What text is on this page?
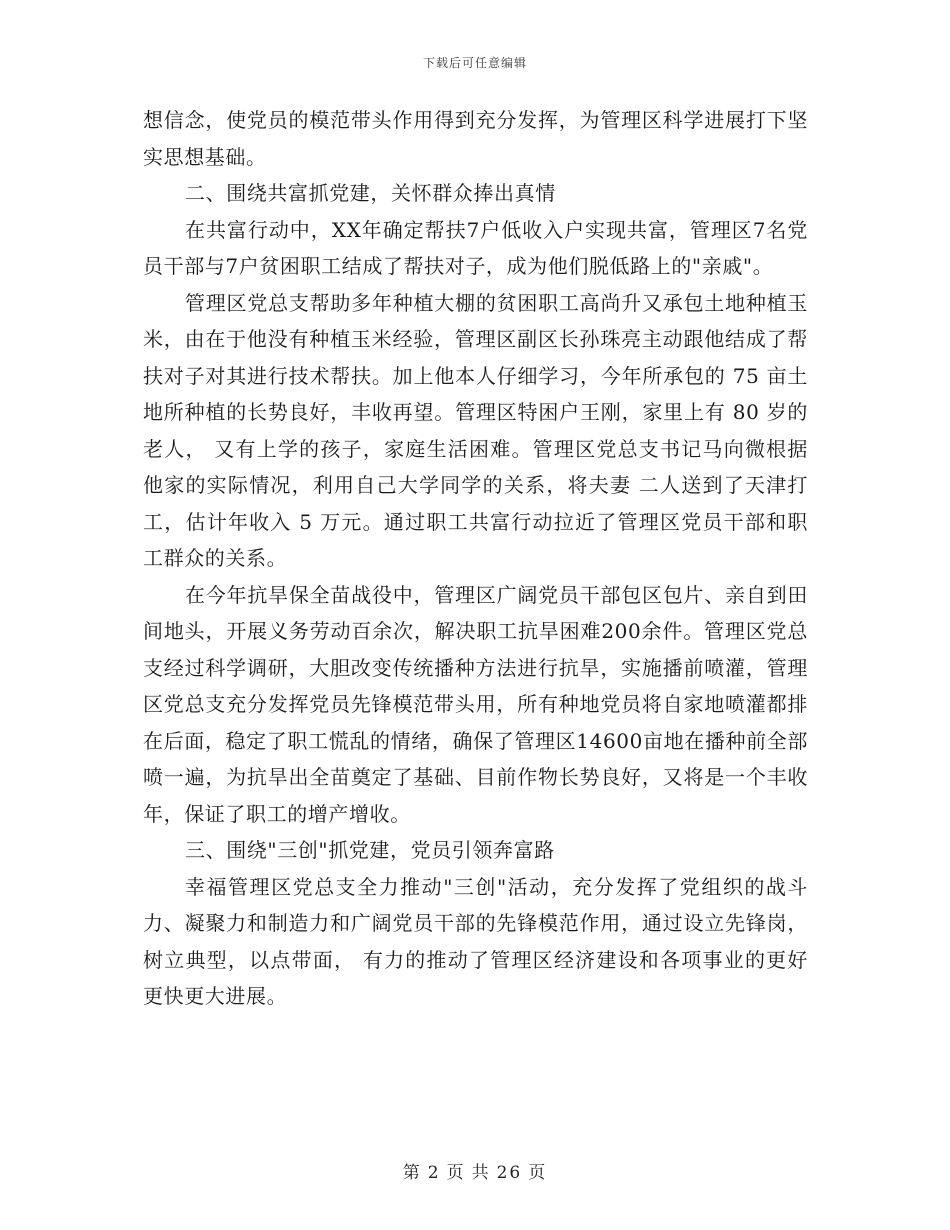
下载后可任意编辑

想信念，使党员的模范带头作用得到充分发挥，为管理区科学进展打下坚实思想基础。

二、围绕共富抓党建，关怀群众捧出真情

在共富行动中，XX年确定帮扶7户低收入户实现共富，管理区7名党员干部与7户贫困职工结成了帮扶对子，成为他们脱低路上的"亲戚"。

管理区党总支帮助多年种植大棚的贫困职工高尚升又承包土地种植玉米，由在于他没有种植玉米经验，管理区副区长孙珠亮主动跟他结成了帮扶对子对其进行技术帮扶。加上他本人仔细学习，今年所承包的 75 亩土地所种植的长势良好，丰收再望。管理区特困户王刚，家里上有 80 岁的老人， 又有上学的孩子，家庭生活困难。管理区党总支书记马向微根据他家的实际情况，利用自己大学同学的关系，将夫妻 二人送到了天津打工，估计年收入 5 万元。通过职工共富行动拉近了管理区党员干部和职工群众的关系。

在今年抗旱保全苗战役中，管理区广阔党员干部包区包片、亲自到田间地头，开展义务劳动百余次，解决职工抗旱困难200余件。管理区党总支经过科学调研，大胆改变传统播种方法进行抗旱，实施播前喷灌，管理区党总支充分发挥党员先锋模范带头用，所有种地党员将自家地喷灌都排在后面，稳定了职工慌乱的情绪，确保了管理区14600亩地在播种前全部喷一遍，为抗旱出全苗奠定了基础、目前作物长势良好，又将是一个丰收年，保证了职工的增产增收。

三、围绕"三创"抓党建，党员引领奔富路

幸福管理区党总支全力推动"三创"活动，充分发挥了党组织的战斗力、凝聚力和制造力和广阔党员干部的先锋模范作用，通过设立先锋岗，树立典型，以点带面， 有力的推动了管理区经济建设和各项事业的更好更快更大进展。

第 2 页 共 26 页
